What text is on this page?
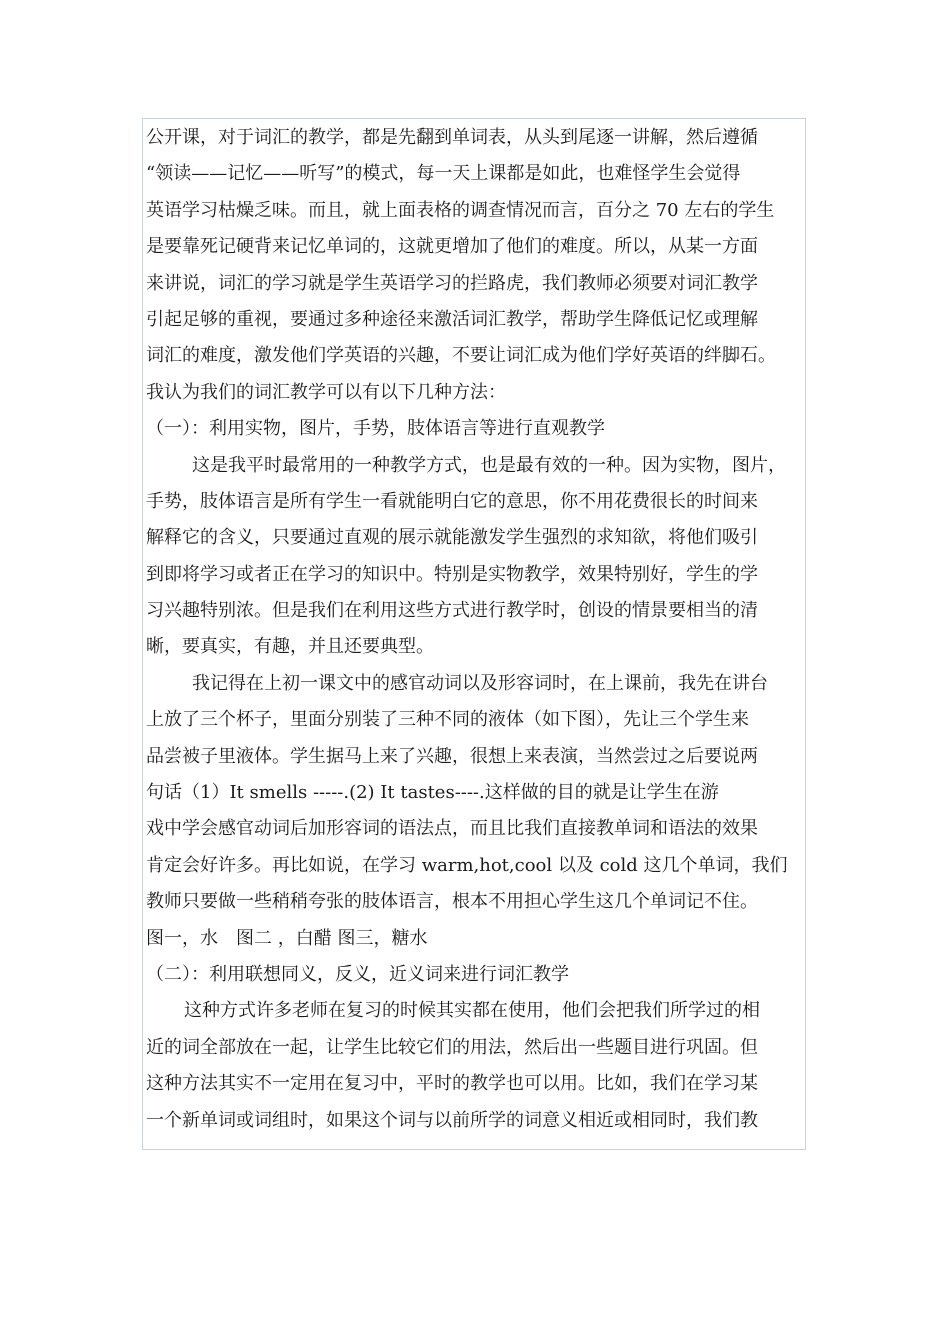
公开课，对于词汇的教学，都是先翻到单词表，从头到尾逐一讲解，然后遵循
“领读——记忆——听写”的模式，每一天上课都是如此，也难怪学生会觉得
英语学习枯燥乏味。而且，就上面表格的调查情况而言，百分之 70 左右的学生
是要靠死记硬背来记忆单词的，这就更增加了他们的难度。所以，从某一方面
来讲说，词汇的学习就是学生英语学习的拦路虎，我们教师必须要对词汇教学
引起足够的重视，要通过多种途径来激活词汇教学，帮助学生降低记忆或理解
词汇的难度，激发他们学英语的兴趣，不要让词汇成为他们学好英语的绊脚石。
我认为我们的词汇教学可以有以下几种方法：
（一）：利用实物，图片，手势，肢体语言等进行直观教学
这是我平时最常用的一种教学方式，也是最有效的一种。因为实物，图片，
手势，肢体语言是所有学生一看就能明白它的意思，你不用花费很长的时间来
解释它的含义，只要通过直观的展示就能激发学生强烈的求知欲，将他们吸引
到即将学习或者正在学习的知识中。特别是实物教学，效果特别好，学生的学
习兴趣特别浓。但是我们在利用这些方式进行教学时，创设的情景要相当的清
晰，要真实，有趣，并且还要典型。
我记得在上初一课文中的感官动词以及形容词时，在上课前，我先在讲台
上放了三个杯子，里面分别装了三种不同的液体（如下图），先让三个学生来
品尝被子里液体。学生据马上来了兴趣，很想上来表演，当然尝过之后要说两
句话（1）It smells -----.(2) It tastes----.这样做的目的就是让学生在游
戏中学会感官动词后加形容词的语法点，而且比我们直接教单词和语法的效果
肯定会好许多。再比如说，在学习 warm,hot,cool 以及 cold 这几个单词，我们
教师只要做一些稍稍夸张的肢体语言，根本不用担心学生这几个单词记不住。
图一，水　图二 ，白醋 图三，糖水
（二）：利用联想同义，反义，近义词来进行词汇教学
这种方式许多老师在复习的时候其实都在使用，他们会把我们所学过的相
近的词全部放在一起，让学生比较它们的用法，然后出一些题目进行巩固。但
这种方法其实不一定用在复习中，平时的教学也可以用。比如，我们在学习某
一个新单词或词组时，如果这个词与以前所学的词意义相近或相同时，我们教
